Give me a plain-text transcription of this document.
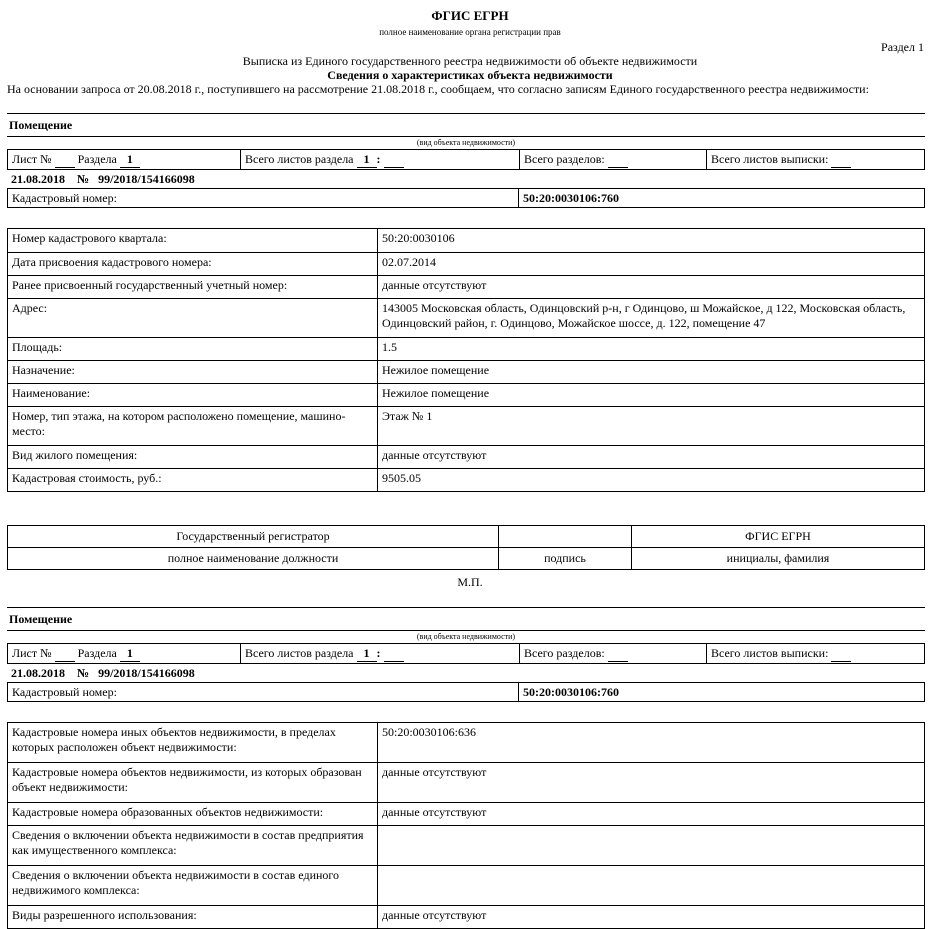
ФГИС ЕГРН
полное наименование органа регистрации прав
Раздел 1
Выписка из Единого государственного реестра недвижимости об объекте недвижимости
Сведения о характеристиках объекта недвижимости
На основании запроса от 20.08.2018 г., поступившего на рассмотрение 21.08.2018 г., сообщаем, что согласно записям Единого государственного реестра недвижимости:
Помещение
(вид объекта недвижимости)
Лист № Раздела 1	Всего листов раздела 1 :	Всего разделов:	Всего листов выписки:
21.08.2018 № 99/2018/154166098
Кадастровый номер:	50:20:0030106:760
Номер кадастрового квартала:	50:20:0030106
Дата присвоения кадастрового номера:	02.07.2014
Ранее присвоенный государственный учетный номер:	данные отсутствуют
Адрес:	143005 Московская область, Одинцовский р-н, г Одинцово, ш Можайское, д 122, Московская область, Одинцовский район, г. Одинцово, Можайское шоссе, д. 122, помещение 47
Площадь:	1.5
Назначение:	Нежилое помещение
Наименование:	Нежилое помещение
Номер, тип этажа, на котором расположено помещение, машино-место:	Этаж № 1
Вид жилого помещения:	данные отсутствуют
Кадастровая стоимость, руб.:	9505.05
Государственный регистратор		ФГИС ЕГРН
полное наименование должности	подпись	инициалы, фамилия
М.П.
Помещение
(вид объекта недвижимости)
Лист № Раздела 1	Всего листов раздела 1 :	Всего разделов:	Всего листов выписки:
21.08.2018 № 99/2018/154166098
Кадастровый номер:	50:20:0030106:760
Кадастровые номера иных объектов недвижимости, в пределах которых расположен объект недвижимости:	50:20:0030106:636
Кадастровые номера объектов недвижимости, из которых образован объект недвижимости:	данные отсутствуют
Кадастровые номера образованных объектов недвижимости:	данные отсутствуют
Сведения о включении объекта недвижимости в состав предприятия как имущественного комплекса:	
Сведения о включении объекта недвижимости в состав единого недвижимого комплекса:	
Виды разрешенного использования:	данные отсутствуют
